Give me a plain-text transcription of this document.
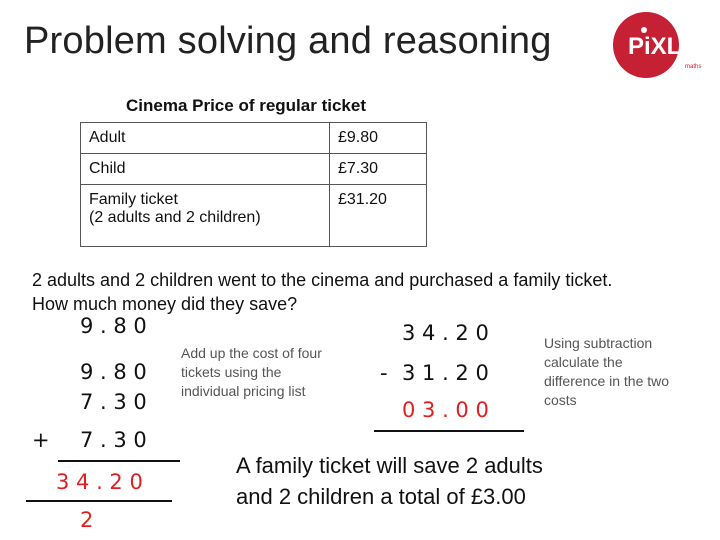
Problem solving and reasoning	PiXL
maths
Cinema Price of regular ticket
Adult	£9.80
Child	£7.30

Family ticket
(2 adults and 2 children)	£31.20
2 adults and 2 children went to the cinema and purchased a family ticket.
How much money did they save?
9 . 8 0
9 . 8 0
7 . 3 0
7 . 3 0
+
3 4 . 2 0
2
Add up the cost of four
tickets using the
individual pricing list
3 4 . 2 0
- 3 1 . 2 0
0 3 . 0 0
Using subtraction
calculate the
difference in the two
costs
A family ticket will save 2 adults
and 2 children a total of £3.00
